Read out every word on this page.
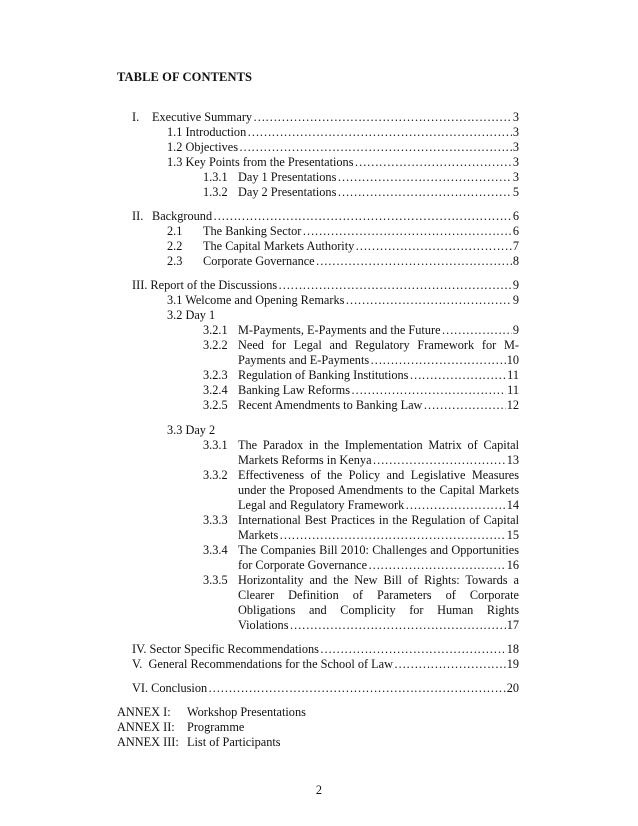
TABLE OF CONTENTS
I. Executive Summary …………………………………………………………………………………………………………………………………………………………………………………………………………………………………………………………………………	3
1.1 Introduction …………………………………………………………………………………………………………………………………………………………………………………………………………………………………………………………………………	3
1.2 Objectives …………………………………………………………………………………………………………………………………………………………………………………………………………………………………………………………………………	3
1.3 Key Points from the Presentations …………………………………………………………………………………………………………………………………………………………………………………………………………………………………………………………………………	3
1.3.1 Day 1 Presentations …………………………………………………………………………………………………………………………………………………………………………………………………………………………………………………………………………	3
1.3.2 Day 2 Presentations …………………………………………………………………………………………………………………………………………………………………………………………………………………………………………………………………………	5
II. Background …………………………………………………………………………………………………………………………………………………………………………………………………………………………………………………………………………	6
2.1 The Banking Sector …………………………………………………………………………………………………………………………………………………………………………………………………………………………………………………………………………	6
2.2 The Capital Markets Authority …………………………………………………………………………………………………………………………………………………………………………………………………………………………………………………………………………	7
2.3 Corporate Governance …………………………………………………………………………………………………………………………………………………………………………………………………………………………………………………………………………	8
III. Report of the Discussions …………………………………………………………………………………………………………………………………………………………………………………………………………………………………………………………………………	9
3.1 Welcome and Opening Remarks …………………………………………………………………………………………………………………………………………………………………………………………………………………………………………………………………………	9
3.2 Day 1
3.2.1 M-Payments, E-Payments and the Future …………………………………………………………………………………………………………………………………………………………………………………………………………………………………………………………………………	9
3.2.2 Need for Legal and Regulatory Framework for M-
Payments and E-Payments …………………………………………………………………………………………………………………………………………………………………………………………………………………………………………………………………………	10
3.2.3 Regulation of Banking Institutions …………………………………………………………………………………………………………………………………………………………………………………………………………………………………………………………………………	11
3.2.4 Banking Law Reforms …………………………………………………………………………………………………………………………………………………………………………………………………………………………………………………………………………	11
3.2.5 Recent Amendments to Banking Law …………………………………………………………………………………………………………………………………………………………………………………………………………………………………………………………………………	12
3.3 Day 2
3.3.1 The Paradox in the Implementation Matrix of Capital
Markets Reforms in Kenya …………………………………………………………………………………………………………………………………………………………………………………………………………………………………………………………………………	13
3.3.2 Effectiveness of the Policy and Legislative Measures
under the Proposed Amendments to the Capital Markets
Legal and Regulatory Framework …………………………………………………………………………………………………………………………………………………………………………………………………………………………………………………………………………	14
3.3.3 International Best Practices in the Regulation of Capital
Markets …………………………………………………………………………………………………………………………………………………………………………………………………………………………………………………………………………	15
3.3.4 The Companies Bill 2010: Challenges and Opportunities
for Corporate Governance …………………………………………………………………………………………………………………………………………………………………………………………………………………………………………………………………………	16
3.3.5 Horizontality and the New Bill of Rights: Towards a
Clearer Definition of Parameters of Corporate
Obligations and Complicity for Human Rights
Violations …………………………………………………………………………………………………………………………………………………………………………………………………………………………………………………………………………	17
IV. Sector Specific Recommendations …………………………………………………………………………………………………………………………………………………………………………………………………………………………………………………………………………	18
V.  General Recommendations for the School of Law …………………………………………………………………………………………………………………………………………………………………………………………………………………………………………………………………………	19
VI. Conclusion …………………………………………………………………………………………………………………………………………………………………………………………………………………………………………………………………………	20
ANNEX I: Workshop Presentations
ANNEX II: Programme
ANNEX III: List of Participants
2
